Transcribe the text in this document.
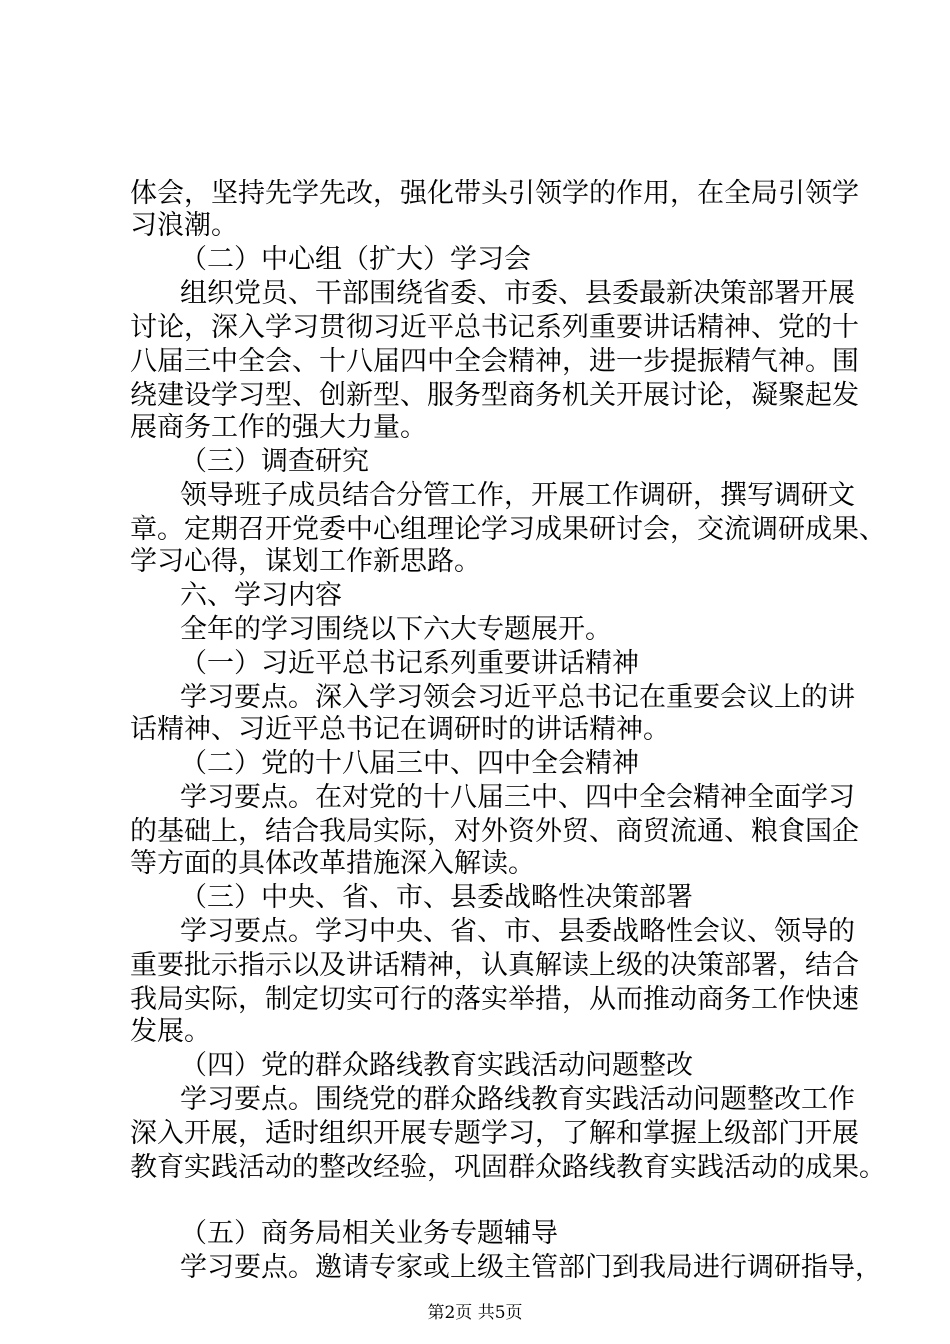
体会，坚持先学先改，强化带头引领学的作用，在全局引领学
习浪潮。
（二）中心组（扩大）学习会
组织党员、干部围绕省委、市委、县委最新决策部署开展
讨论，深入学习贯彻习近平总书记系列重要讲话精神、党的十
八届三中全会、十八届四中全会精神，进一步提振精气神。围
绕建设学习型、创新型、服务型商务机关开展讨论，凝聚起发
展商务工作的强大力量。
（三）调查研究
领导班子成员结合分管工作，开展工作调研，撰写调研文
章。定期召开党委中心组理论学习成果研讨会，交流调研成果、
学习心得，谋划工作新思路。
六、学习内容
全年的学习围绕以下六大专题展开。
（一）习近平总书记系列重要讲话精神
学习要点。深入学习领会习近平总书记在重要会议上的讲
话精神、习近平总书记在调研时的讲话精神。
（二）党的十八届三中、四中全会精神
学习要点。在对党的十八届三中、四中全会精神全面学习
的基础上，结合我局实际，对外资外贸、商贸流通、粮食国企
等方面的具体改革措施深入解读。
（三）中央、省、市、县委战略性决策部署
学习要点。学习中央、省、市、县委战略性会议、领导的
重要批示指示以及讲话精神，认真解读上级的决策部署，结合
我局实际，制定切实可行的落实举措，从而推动商务工作快速
发展。
（四）党的群众路线教育实践活动问题整改
学习要点。围绕党的群众路线教育实践活动问题整改工作
深入开展，适时组织开展专题学习，了解和掌握上级部门开展
教育实践活动的整改经验，巩固群众路线教育实践活动的成果。
（五）商务局相关业务专题辅导
学习要点。邀请专家或上级主管部门到我局进行调研指导，
第2页 共5页
